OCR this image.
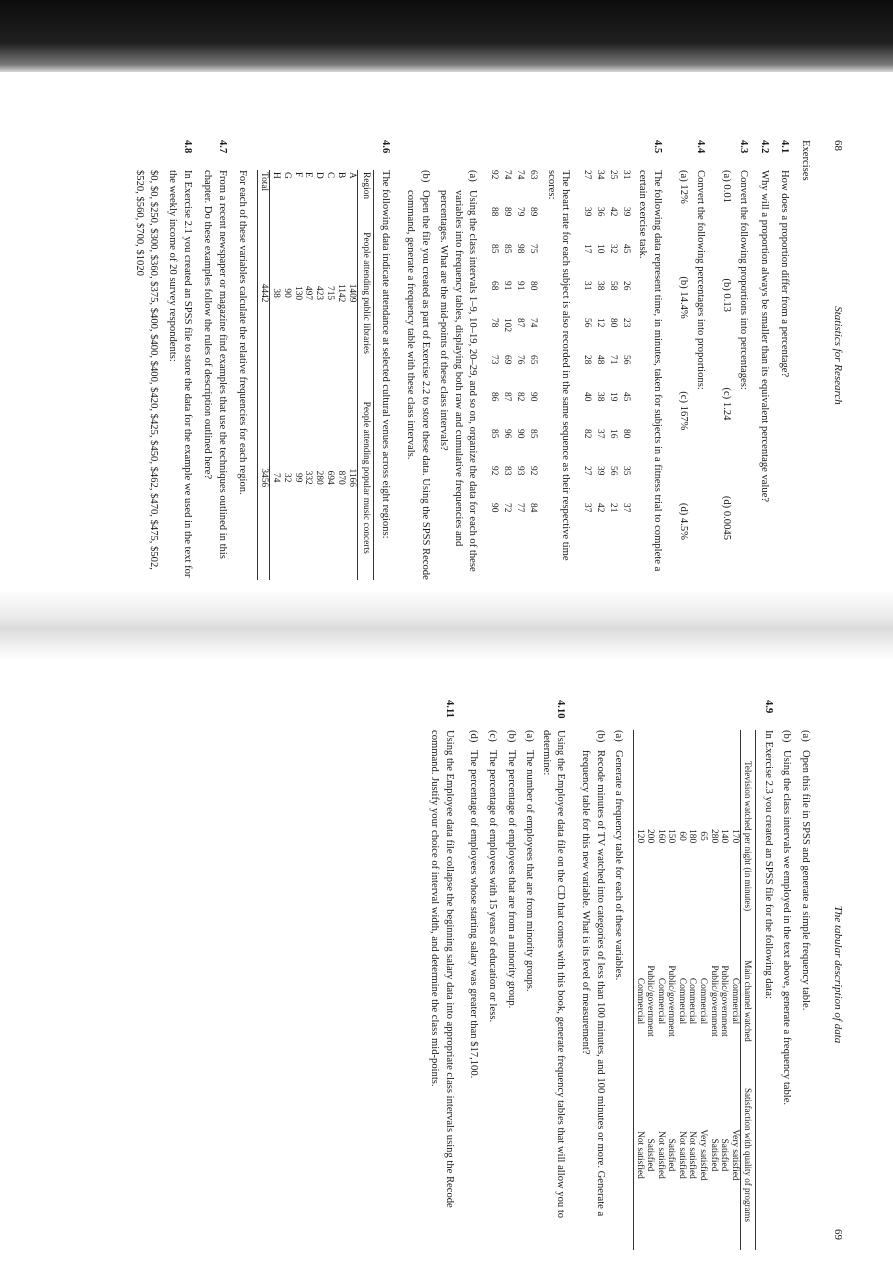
68
Statistics for Research

Exercises

4.1
How does a proportion differ from a percentage?
4.2
Why will a proportion always be smaller than its equivalent percentage value?
4.3
Convert the following proportions into percentages:
(a) 0.01
(b) 0.13
(c) 1.24
(d) 0.0045
4.4
Convert the following percentages into proportions:
(a) 12%
(b) 14.4%
(c) 167%
(d) 4.5%
4.5
The following data represent time, in minutes, taken for subjects in a fitness trial to complete a certain exercise task.
31	39	45	26	23	56	45	80	35	37
25	42	32	58	80	71	19	16	56	21
34	36	10	38	12	48	38	37	39	42
27	39	17	31	56	28	40	82	27	37
The heart rate for each subject is also recorded in the same sequence as their respective time scores:
63	89	75	80	74	65	90	85	92	84
74	79	98	91	87	76	82	90	93	77
74	89	85	91	102	69	87	96	83	72
92	88	85	68	78	73	86	85	92	90
(a)
Using the class intervals 1–9, 10–19, 20–29, and so on, organize the data for each of these variables into frequency tables, displaying both raw and cumulative frequencies and percentages. What are the mid-points of these class intervals?
(b)
Open the file you created as part of Exercise 2.2 to store these data. Using the SPSS Recode command, generate a frequency table with these class intervals.
4.6
The following data indicate attendance at selected cultural venues across eight regions:
Region	People attending public libraries	People attending popular music concerts
A	1409	1166
B	1142	870
C	715	694
D	423	280
E	497	332
F	130	99
G	90	32
H	38	74
Total	4442	3456
For each of these variables calculate the relative frequencies for each region.
4.7
From a recent newspaper or magazine find examples that use the techniques outlined in this chapter. Do these examples follow the rules of description outlined here?
4.8
In Exercise 2.1 you created an SPSS file to store the data for the example we used in the text for the weekly income of 20 survey respondents:
$0, $0, $250, $300, $360, $375, $400, $400, $400, $420, $425, $450, $462, $470, $475, $502, $520, $560, $700, $1020
The tabular description of data
69
(a)
Open this file in SPSS and generate a simple frequency table.
(b)
Using the class intervals we employed in the text above, generate a frequency table.
4.9
In Exercise 2.3 you created an SPSS file for the following data:
Television watched per night (in minutes)	Main channel watched	Satisfaction with quality of programs
170	Commercial	Very satisfied
140	Public/government	Satisfied
280	Public/government	Satisfied
65	Commercial	Very satisfied
180	Commercial	Not satisfied
60	Commercial	Not satisfied
150	Public/government	Satisfied
160	Commercial	Not satisfied
200	Public/government	Satisfied
120	Commercial	Not satisfied
(a)
Generate a frequency table for each of these variables.
(b)
Recode minutes of TV watched into categories of less than 100 minutes, and 100 minutes or more. Generate a frequency table for this new variable. What is its level of measurement?
4.10
Using the Employee data file on the CD that comes with this book, generate frequency tables that will allow you to determine:
(a)
The number of employees that are from minority groups.
(b)
The percentage of employees that are from a minority group.
(c)
The percentage of employees with 15 years of education or less.
(d)
The percentage of employees whose starting salary was greater than $17,100.
4.11
Using the Employee data file collapse the beginning salary data into appropriate class intervals using the Recode command. Justify your choice of interval width, and determine the class mid-points.
